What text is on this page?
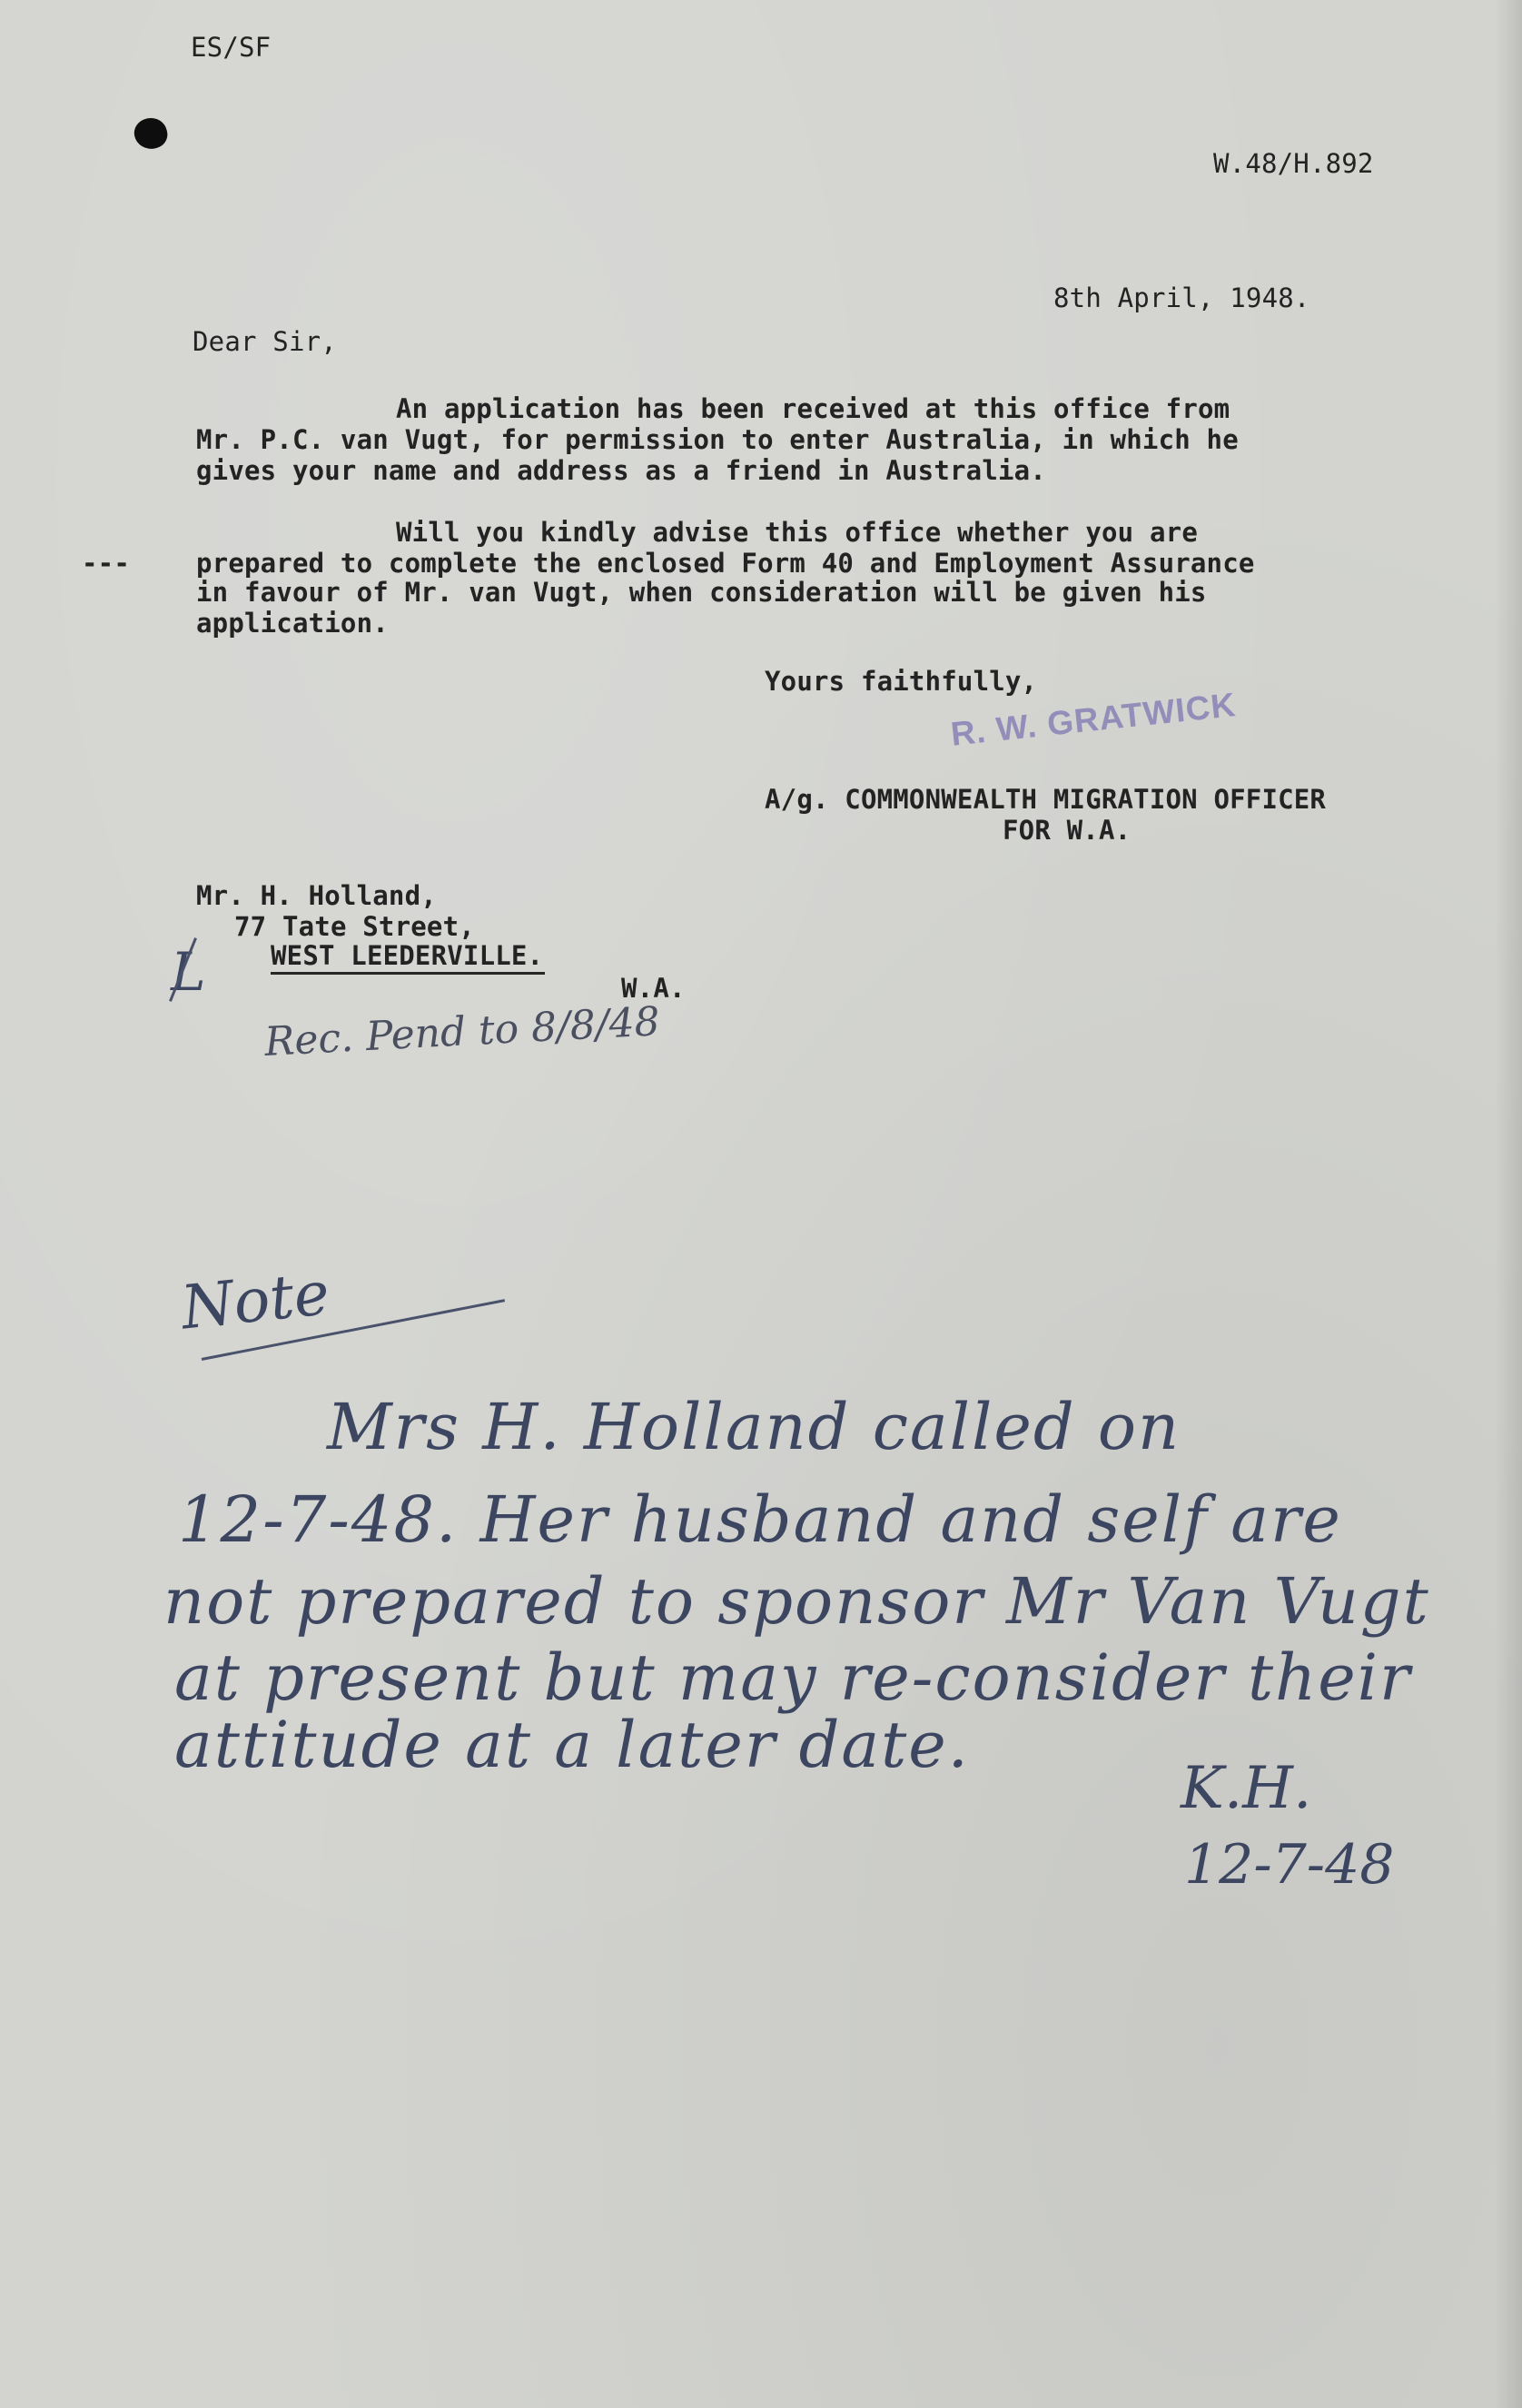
ES/SF
W.48/H.892
8th April, 1948.
Dear Sir,
An application has been received at this office from
Mr. P.C. van Vugt, for permission to enter Australia, in which he
gives your name and address as a friend in Australia.
Will you kindly advise this office whether you are
---	prepared to complete the enclosed Form 40 and Employment Assurance
in favour of Mr. van Vugt, when consideration will be given his
application.
Yours faithfully,
R. W. GRATWICK
A/g. COMMONWEALTH MIGRATION OFFICER
FOR W.A.
Mr. H. Holland,
77 Tate Street,
WEST LEEDERVILLE.
W.A.
L
Rec. Pend to 8/8/48
Note
Mrs H. Holland called on
12-7-48. Her husband and self are
not prepared to sponsor Mr Van Vugt
at present but may re-consider their
attitude at a later date.
K.H.
12-7-48
